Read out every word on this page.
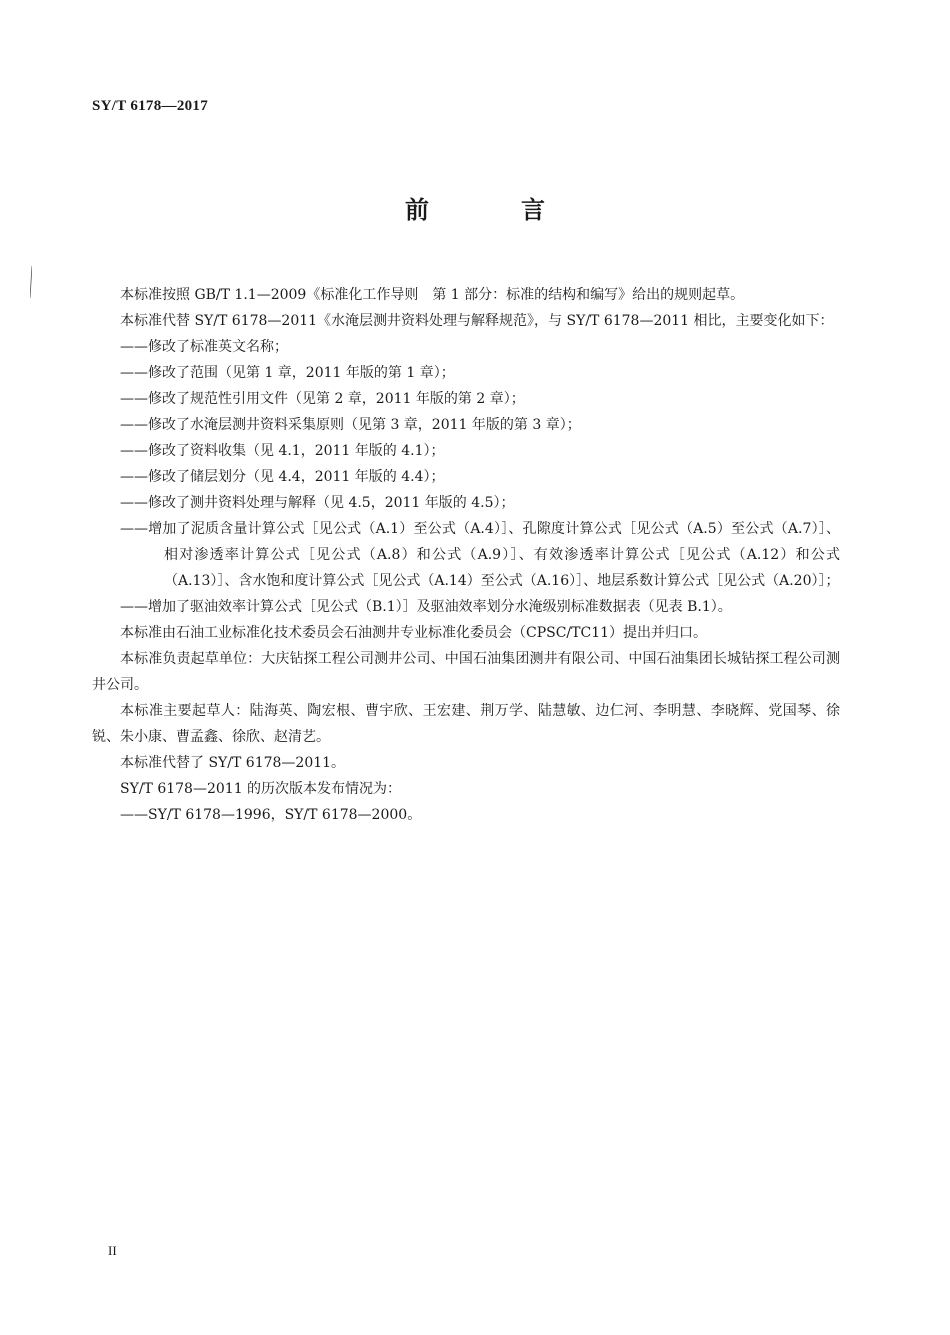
SY/T 6178—2017
前　言

本标准按照 GB/T 1.1—2009《标准化工作导则　第 1 部分：标准的结构和编写》给出的规则起草。

本标准代替 SY/T 6178—2011《水淹层测井资料处理与解释规范》，与 SY/T 6178—2011 相比，主要变化如下：

——修改了标准英文名称；

——修改了范围（见第 1 章，2011 年版的第 1 章）；

——修改了规范性引用文件（见第 2 章，2011 年版的第 2 章）；

——修改了水淹层测井资料采集原则（见第 3 章，2011 年版的第 3 章）；

——修改了资料收集（见 4.1，2011 年版的 4.1）；

——修改了储层划分（见 4.4，2011 年版的 4.4）；

——修改了测井资料处理与解释（见 4.5，2011 年版的 4.5）；

——增加了泥质含量计算公式［见公式（A.1）至公式（A.4）］、孔隙度计算公式［见公式（A.5）至公式（A.7）］、相对渗透率计算公式［见公式（A.8）和公式（A.9）］、有效渗透率计算公式［见公式（A.12）和公式（A.13）］、含水饱和度计算公式［见公式（A.14）至公式（A.16）］、地层系数计算公式［见公式（A.20）］；

——增加了驱油效率计算公式［见公式（B.1）］及驱油效率划分水淹级别标准数据表（见表 B.1）。

本标准由石油工业标准化技术委员会石油测井专业标准化委员会（CPSC/TC11）提出并归口。

本标准负责起草单位：大庆钻探工程公司测井公司、中国石油集团测井有限公司、中国石油集团长城钻探工程公司测井公司。

本标准主要起草人：陆海英、陶宏根、曹宇欣、王宏建、荆万学、陆慧敏、边仁河、李明慧、李晓辉、党国琴、徐锐、朱小康、曹孟鑫、徐欣、赵清艺。

本标准代替了 SY/T 6178—2011。

SY/T 6178—2011 的历次版本发布情况为：

——SY/T 6178—1996，SY/T 6178—2000。

II
